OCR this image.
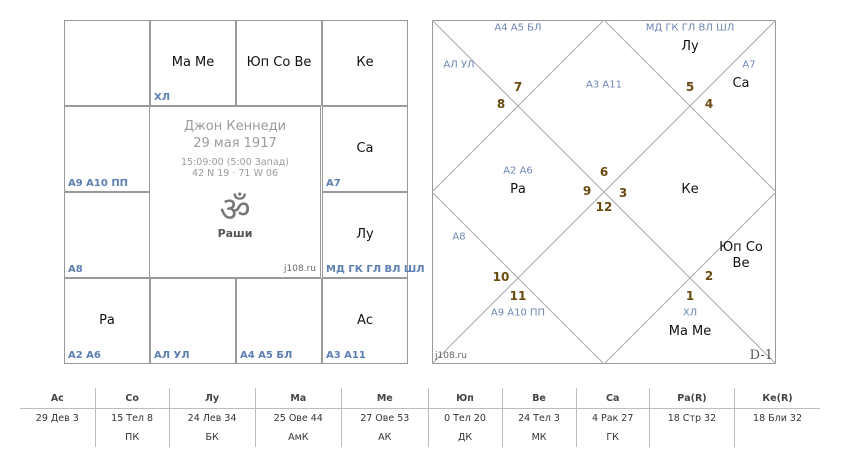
Ма Ме
ХЛ
Юп Со Ве	Ке
А9 А10 ПП
Са
А7
А8
Лу
МД ГК ГЛ ВЛ ШЛ
Ра
А2 А6	АЛ УЛ	А4 А5 БЛ
Ас
А3 А11
Джон Кеннеди
29 мая 1917
15:09:00 (5:00 Запад)
42 N 19 · 71 W 06
ॐ
Раши
j108.ru
3
2
1
12
11
10
9
8
7
6
5
4
Ке
Юп Со
Ве
Ма Ме
Ра
Лу
Са
А3 А11
ХЛ
А9 А10 ПП
А8
А2 А6
АЛ УЛ
А4 А5 БЛ	МД ГК ГЛ ВЛ ШЛ
А7
j108.ru	D-1
Ас	Со	Лу	Ма	Ме	Юп	Ве	Са	Ра(R)	Ке(R)
29 Дев 3	15 Тел 8	24 Лев 34	25 Ове 44	27 Ове 53	0 Тел 20	24 Тел 3	4 Рак 27	18 Стр 32	18 Бли 32
	ПК	БК	АмК	АК	ДК	МК	ГК		
